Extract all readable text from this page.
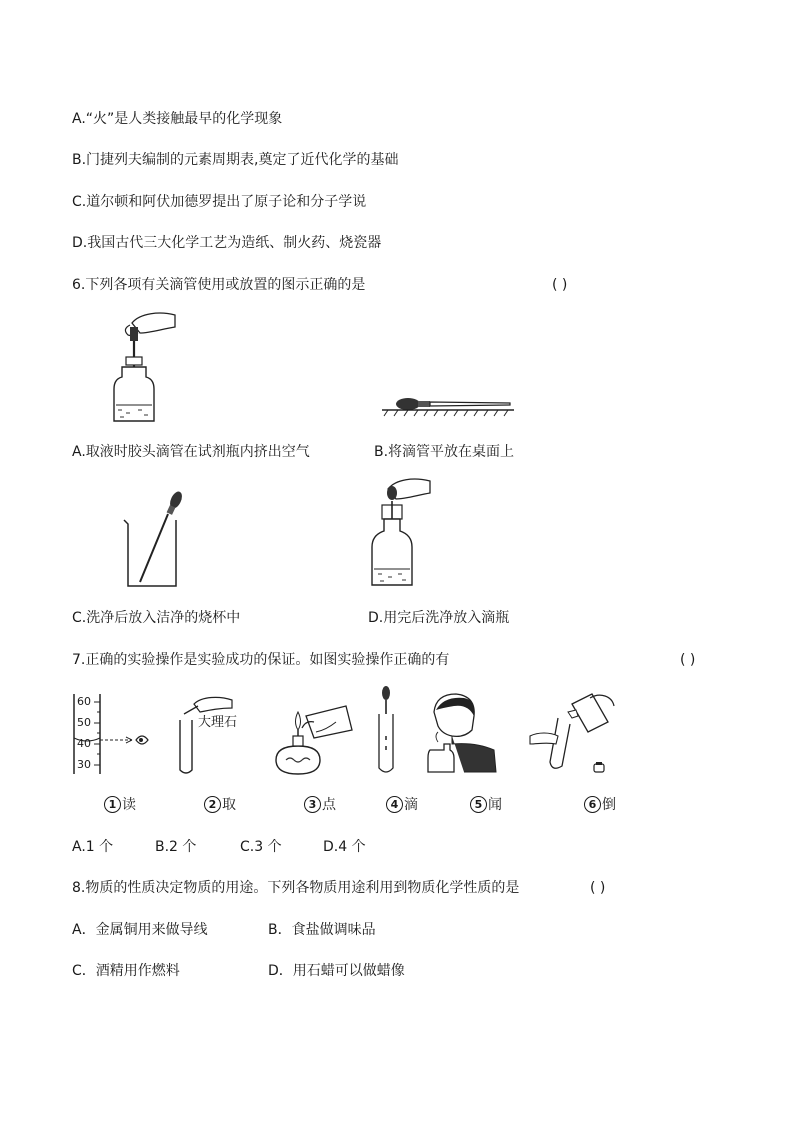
A.“火”是人类接触最早的化学现象
B.门捷列夫编制的元素周期表,奠定了近代化学的基础
C.道尔顿和阿伏加德罗提出了原子论和分子学说
D.我国古代三大化学工艺为造纸、制火药、烧瓷器
6.下列各项有关滴管使用或放置的图示正确的是	( )
A.取液时胶头滴管在试剂瓶内挤出空气	B.将滴管平放在桌面上
C.洗净后放入洁净的烧杯中	D.用完后洗净放入滴瓶
7.正确的实验操作是实验成功的保证。如图实验操作正确的有	( )
60
50
40
30
大理石
1 读	2 取	3 点	4 滴	5 闻	6 倒
A.1 个	B.2 个	C.3 个	D.4 个
8.物质的性质决定物质的用途。下列各物质用途利用到物质化学性质的是	( )
A．金属铜用来做导线	B．食盐做调味品
C．酒精用作燃料	D．用石蜡可以做蜡像
